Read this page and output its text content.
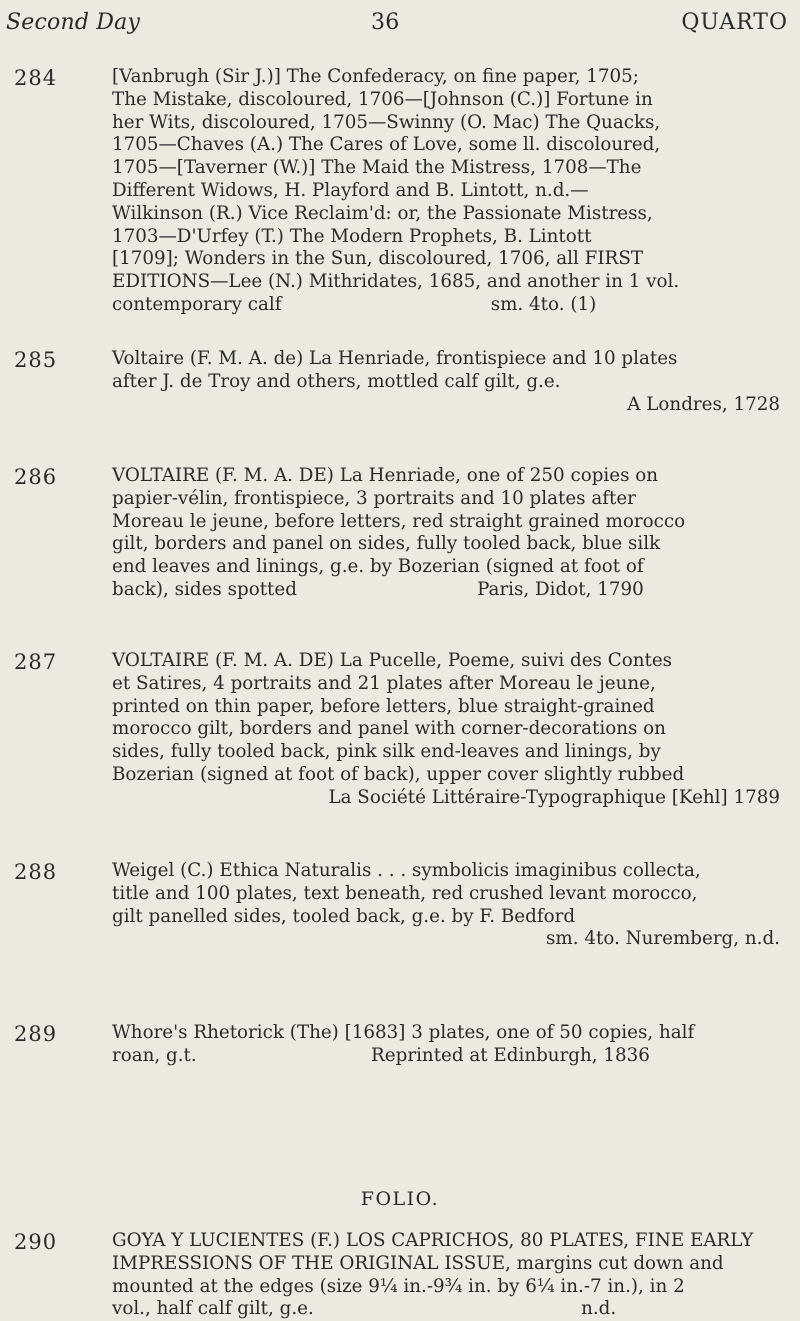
Second Day	36	QUARTO
284	[Vanbrugh (Sir J.)] The Confederacy, on fine paper, 1705;
The Mistake, discoloured, 1706—[Johnson (C.)] Fortune in
her Wits, discoloured, 1705—Swinny (O. Mac) The Quacks,
1705—Chaves (A.) The Cares of Love, some ll. discoloured,
1705—[Taverner (W.)] The Maid the Mistress, 1708—The
Different Widows, H. Playford and B. Lintott, n.d.—
Wilkinson (R.) Vice Reclaim'd: or, the Passionate Mistress,
1703—D'Urfey (T.) The Modern Prophets, B. Lintott
[1709]; Wonders in the Sun, discoloured, 1706, all FIRST
EDITIONS—Lee (N.) Mithridates, 1685, and another in 1 vol.
contemporary calf                                    sm. 4to. (1)
285	Voltaire (F. M. A. de) La Henriade, frontispiece and 10 plates
after J. de Troy and others, mottled calf gilt, g.e.
A Londres, 1728
286	VOLTAIRE (F. M. A. DE) La Henriade, one of 250 copies on
papier-vélin, frontispiece, 3 portraits and 10 plates after
Moreau le jeune, before letters, red straight grained morocco
gilt, borders and panel on sides, fully tooled back, blue silk
end leaves and linings, g.e. by Bozerian (signed at foot of
back), sides spotted                               Paris, Didot, 1790
287	VOLTAIRE (F. M. A. DE) La Pucelle, Poeme, suivi des Contes
et Satires, 4 portraits and 21 plates after Moreau le jeune,
printed on thin paper, before letters, blue straight-grained
morocco gilt, borders and panel with corner-decorations on
sides, fully tooled back, pink silk end-leaves and linings, by
Bozerian (signed at foot of back), upper cover slightly rubbed
La Société Littéraire-Typographique [Kehl] 1789
288	Weigel (C.) Ethica Naturalis . . . symbolicis imaginibus collecta,
title and 100 plates, text beneath, red crushed levant morocco,
gilt panelled sides, tooled back, g.e. by F. Bedford
sm. 4to. Nuremberg, n.d.
289	Whore's Rhetorick (The) [1683] 3 plates, one of 50 copies, half
roan, g.t.                              Reprinted at Edinburgh, 1836
FOLIO.
290	GOYA Y LUCIENTES (F.) LOS CAPRICHOS, 80 PLATES, FINE EARLY
IMPRESSIONS OF THE ORIGINAL ISSUE, margins cut down and
mounted at the edges (size 9¼ in.-9¾ in. by 6¼ in.-7 in.), in 2
vol., half calf gilt, g.e.                                              n.d.
